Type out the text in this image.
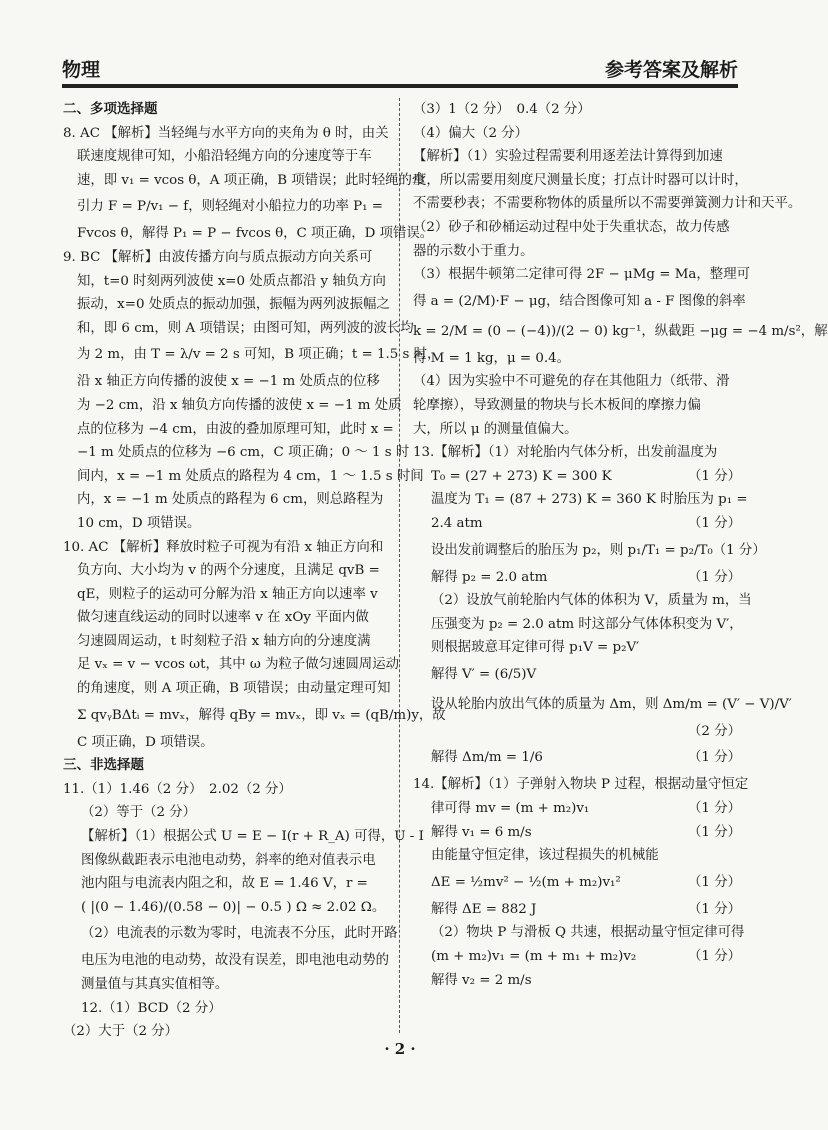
物理	参考答案及解析

二、多项选择题

8. AC 【解析】当轻绳与水平方向的夹角为 θ 时，由关

联速度规律可知，小船沿轻绳方向的分速度等于车

速，即 v₁ = vcos θ，A 项正确，B 项错误；此时轻绳的牵

引力 F = P/v₁ − f，则轻绳对小船拉力的功率 P₁ =

Fvcos θ，解得 P₁ = P − fvcos θ，C 项正确，D 项错误。

9. BC 【解析】由波传播方向与质点振动方向关系可

知，t=0 时刻两列波使 x=0 处质点都沿 y 轴负方向

振动，x=0 处质点的振动加强，振幅为两列波振幅之

和，即 6 cm，则 A 项错误；由图可知，两列波的波长均

为 2 m，由 T = λ/v = 2 s 可知，B 项正确；t = 1.5 s 时，

沿 x 轴正方向传播的波使 x = −1 m 处质点的位移

为 −2 cm，沿 x 轴负方向传播的波使 x = −1 m 处质

点的位移为 −4 cm，由波的叠加原理可知，此时 x =

−1 m 处质点的位移为 −6 cm，C 项正确；0 ～ 1 s 时

间内，x = −1 m 处质点的路程为 4 cm，1 ～ 1.5 s 时间

内，x = −1 m 处质点的路程为 6 cm，则总路程为

10 cm，D 项错误。

10. AC 【解析】释放时粒子可视为有沿 x 轴正方向和

负方向、大小均为 v 的两个分速度，且满足 qvB =

qE，则粒子的运动可分解为沿 x 轴正方向以速率 v

做匀速直线运动的同时以速率 v 在 xOy 平面内做

匀速圆周运动，t 时刻粒子沿 x 轴方向的分速度满

足 vₓ = v − vcos ωt，其中 ω 为粒子做匀速圆周运动

的角速度，则 A 项正确，B 项错误；由动量定理可知

Σ qvᵧBΔtᵢ = mvₓ，解得 qBy = mvₓ，即 vₓ = (qB/m)y，故

C 项正确，D 项错误。

三、非选择题

11.（1）1.46（2 分）　2.02（2 分）

（2）等于（2 分）

【解析】（1）根据公式 U = E − I(r + R_A) 可得，U - I

图像纵截距表示电池电动势，斜率的绝对值表示电

池内阻与电流表内阻之和，故 E = 1.46 V，r =

( |(0 − 1.46)/(0.58 − 0)| − 0.5 ) Ω ≈ 2.02 Ω。

（2）电流表的示数为零时，电流表不分压，此时开路

电压为电池的电动势，故没有误差，即电池电动势的

测量值与其真实值相等。

12.（1）BCD（2 分）

（2）大于（2 分）

（3）1（2 分）　0.4（2 分）

（4）偏大（2 分）

【解析】（1）实验过程需要利用逐差法计算得到加速

度，所以需要用刻度尺测量长度；打点计时器可以计时，

不需要秒表；不需要称物体的质量所以不需要弹簧测力计和天平。

（2）砂子和砂桶运动过程中处于失重状态，故力传感

器的示数小于重力。

（3）根据牛顿第二定律可得 2F − μMg = Ma，整理可

得 a = (2/M)·F − μg，结合图像可知 a - F 图像的斜率

k = 2/M = (0 − (−4))/(2 − 0) kg⁻¹，纵截距 −μg = −4 m/s²，解

得 M = 1 kg，μ = 0.4。

（4）因为实验中不可避免的存在其他阻力（纸带、滑

轮摩擦），导致测量的物块与长木板间的摩擦力偏

大，所以 μ 的测量值偏大。

13.【解析】（1）对轮胎内气体分析，出发前温度为

T₀ = (27 + 273) K = 300 K	（1 分）

温度为 T₁ = (87 + 273) K = 360 K 时胎压为 p₁ =

2.4 atm	（1 分）
设出发前调整后的胎压为 p₂，则 p₁/T₁ = p₂/T₀ （1 分）
解得 p₂ = 2.0 atm	（1 分）

（2）设放气前轮胎内气体的体积为 V，质量为 m，当

压强变为 p₂ = 2.0 atm 时这部分气体体积变为 V′，

则根据玻意耳定律可得 p₁V = p₂V′

解得 V′ = (6/5)V

设从轮胎内放出气体的质量为 Δm，则 Δm/m = (V′ − V)/V′

（2 分）
解得 Δm/m = 1/6	（1 分）

14.【解析】（1）子弹射入物块 P 过程，根据动量守恒定

律可得 mv = (m + m₂)v₁	（1 分）
解得 v₁ = 6 m/s	（1 分）

由能量守恒定律，该过程损失的机械能

ΔE = ½mv² − ½(m + m₂)v₁²	（1 分）
解得 ΔE = 882 J	（1 分）

（2）物块 P 与滑板 Q 共速，根据动量守恒定律可得

(m + m₂)v₁ = (m + m₁ + m₂)v₂	（1 分）

解得 v₂ = 2 m/s

· 2 ·
